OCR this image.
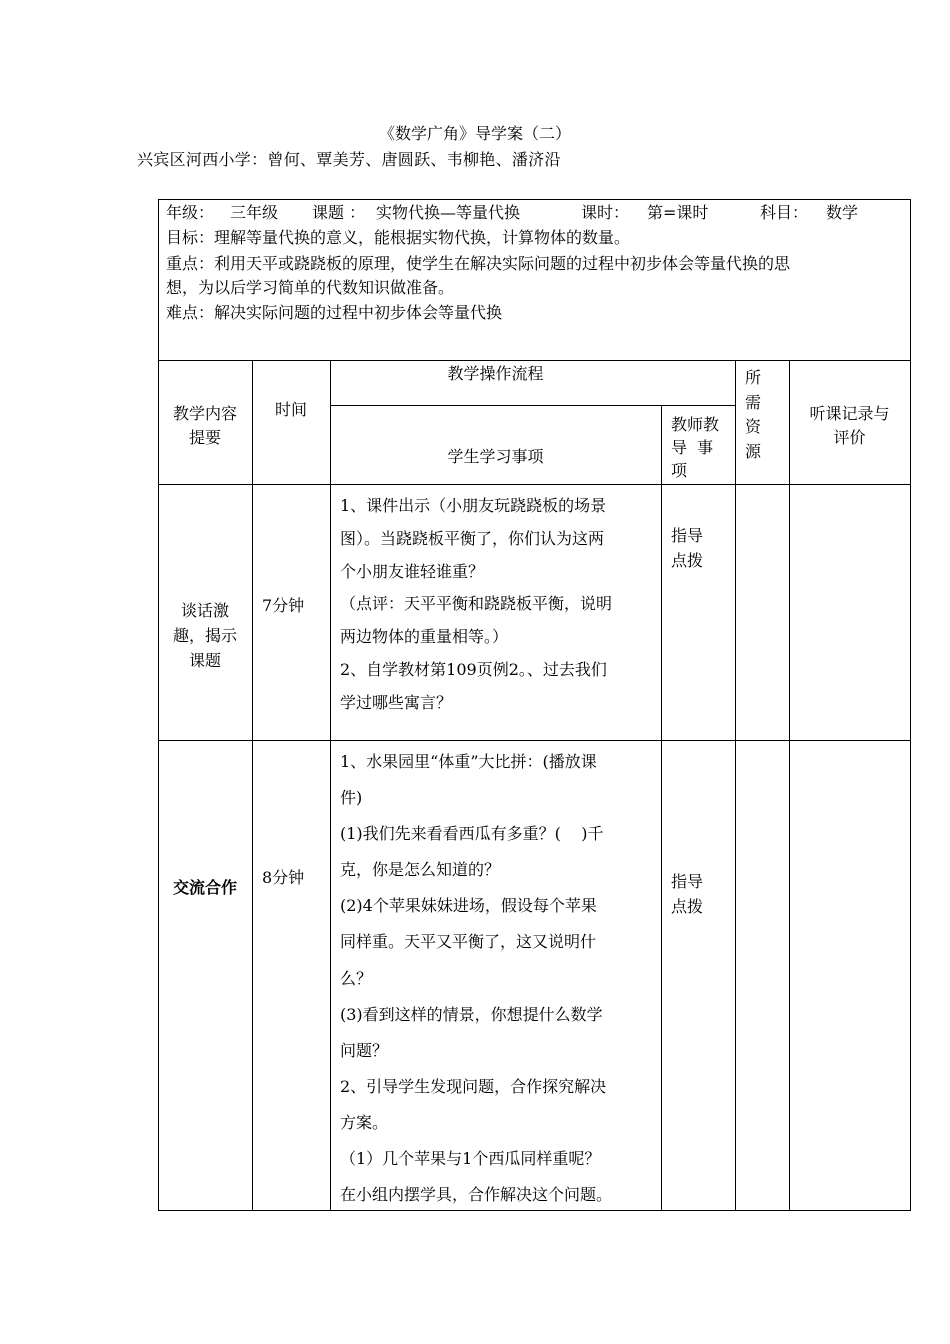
《数学广角》导学案（二）
兴宾区河西小学：曾何、覃美芳、唐圆跃、韦柳艳、潘济沿
年级： 三年级 课题 ： 实物代换—等量代换	课时： 第=课时	科目： 数学
目标：理解等量代换的意义，能根据实物代换，计算物体的数量。
重点：利用天平或跷跷板的原理，使学生在解决实际问题的过程中初步体会等量代换的思
想，为以后学习简单的代数知识做准备。
难点：解决实际问题的过程中初步体会等量代换
教学内容
提要
时间
教学操作流程
学生学习事项
教师教
导  事
项
所
需
资
源
听课记录与
评价
谈话激
趣，揭示
课题
7分钟
1、课件出示（小朋友玩跷跷板的场景
图）。当跷跷板平衡了，你们认为这两
个小朋友谁轻谁重？
（点评：天平平衡和跷跷板平衡，说明
两边物体的重量相等。）
2、自学教材第109页例2。、过去我们
学过哪些寓言？
指导
点拨
交流合作
8分钟
1、水果园里“体重”大比拼：(播放课
件)
(1)我们先来看看西瓜有多重？(    )千
克，你是怎么知道的？
(2)4个苹果妹妹进场，假设每个苹果
同样重。天平又平衡了，这又说明什
么？
(3)看到这样的情景，你想提什么数学
问题？
2、引导学生发现问题，合作探究解决
方案。
（1）几个苹果与1个西瓜同样重呢？
在小组内摆学具，合作解决这个问题。
指导
点拨
